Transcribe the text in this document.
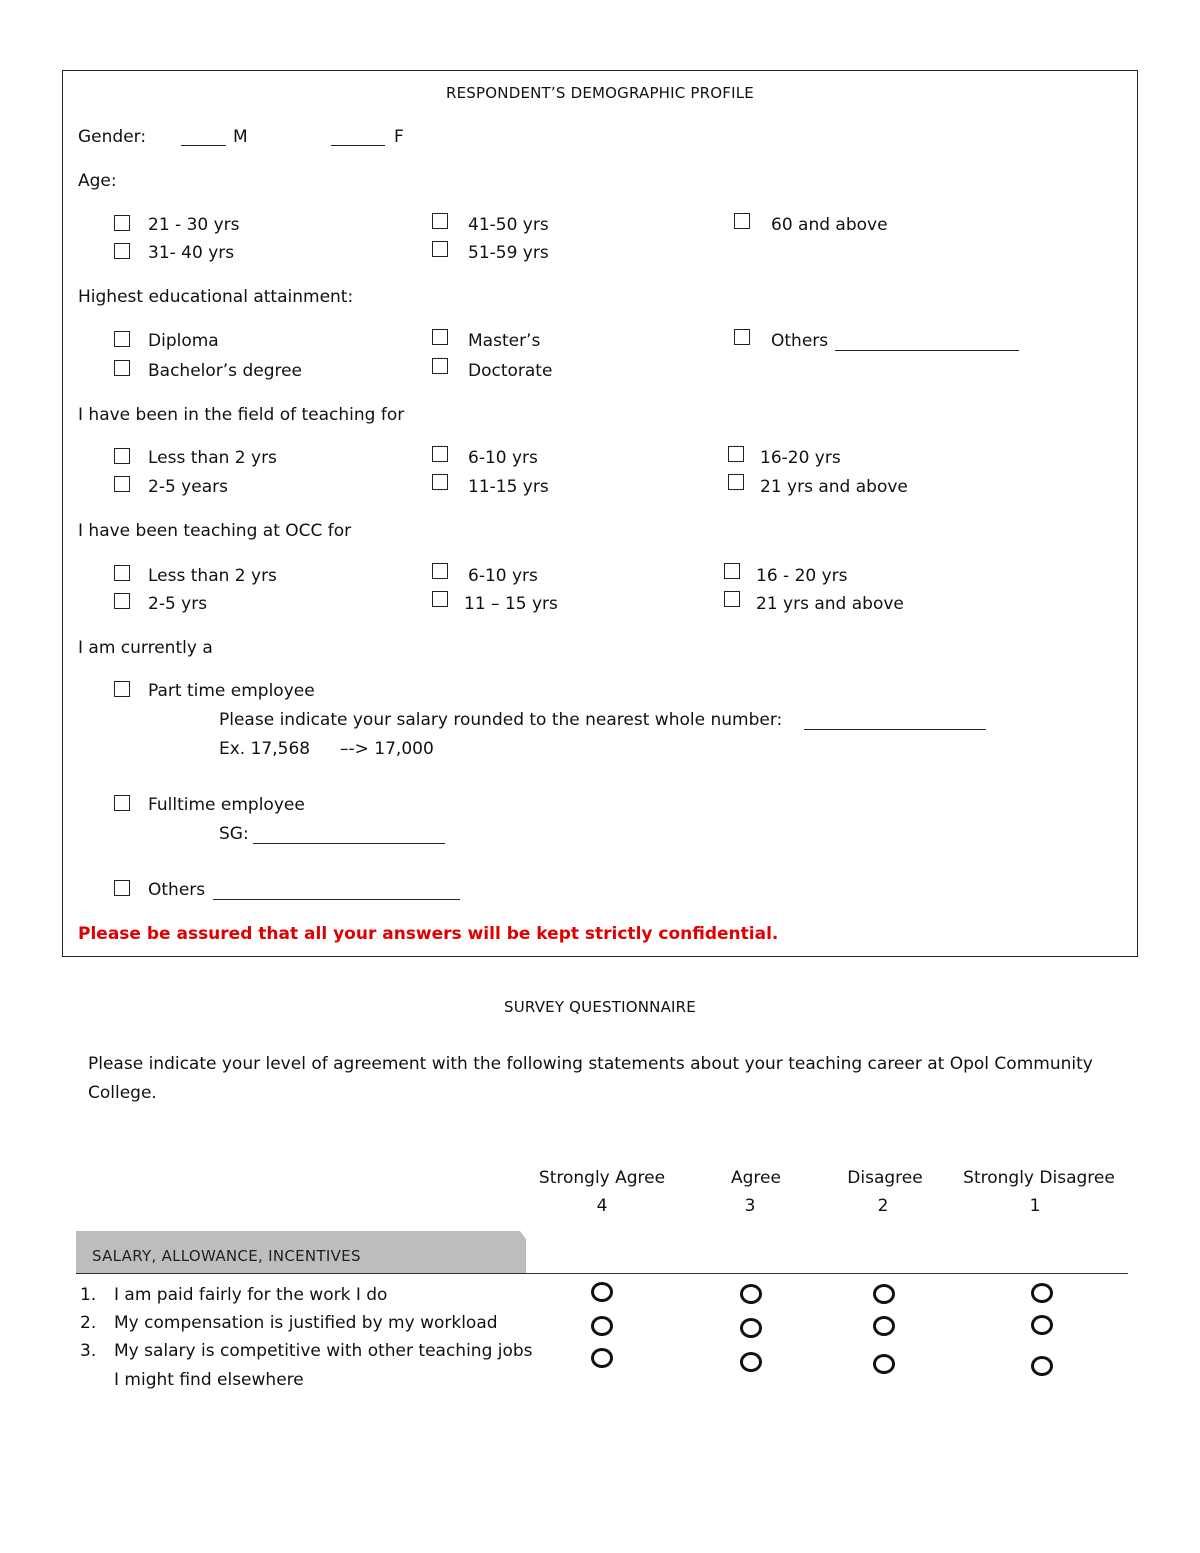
RESPONDENT’S DEMOGRAPHIC PROFILE
Gender:	M	F
Age:
21 - 30 yrs
31- 40 yrs
41-50 yrs
51-59 yrs
60 and above
Highest educational attainment:
Diploma
Bachelor’s degree
Master’s
Doctorate
Others
I have been in the field of teaching for
Less than 2 yrs
2-5 years
6-10 yrs
11-15 yrs
16-20 yrs
21 yrs and above
I have been teaching at OCC for
Less than 2 yrs
2-5 yrs
6-10 yrs
11 – 15 yrs
16 - 20 yrs
21 yrs and above
I am currently a
Part time employee
Please indicate your salary rounded to the nearest whole number:
Ex. 17,568 –-> 17,000
Fulltime employee
SG:
Others
Please be assured that all your answers will be kept strictly confidential.
SURVEY QUESTIONNAIRE
Please indicate your level of agreement with the following statements about your teaching career at Opol Community
College.
Strongly Agree
4
Agree
3
Disagree
2
Strongly Disagree
1
SALARY, ALLOWANCE, INCENTIVES
1. I am paid fairly for the work I do
2. My compensation is justified by my workload
3. My salary is competitive with other teaching jobs
I might find elsewhere
